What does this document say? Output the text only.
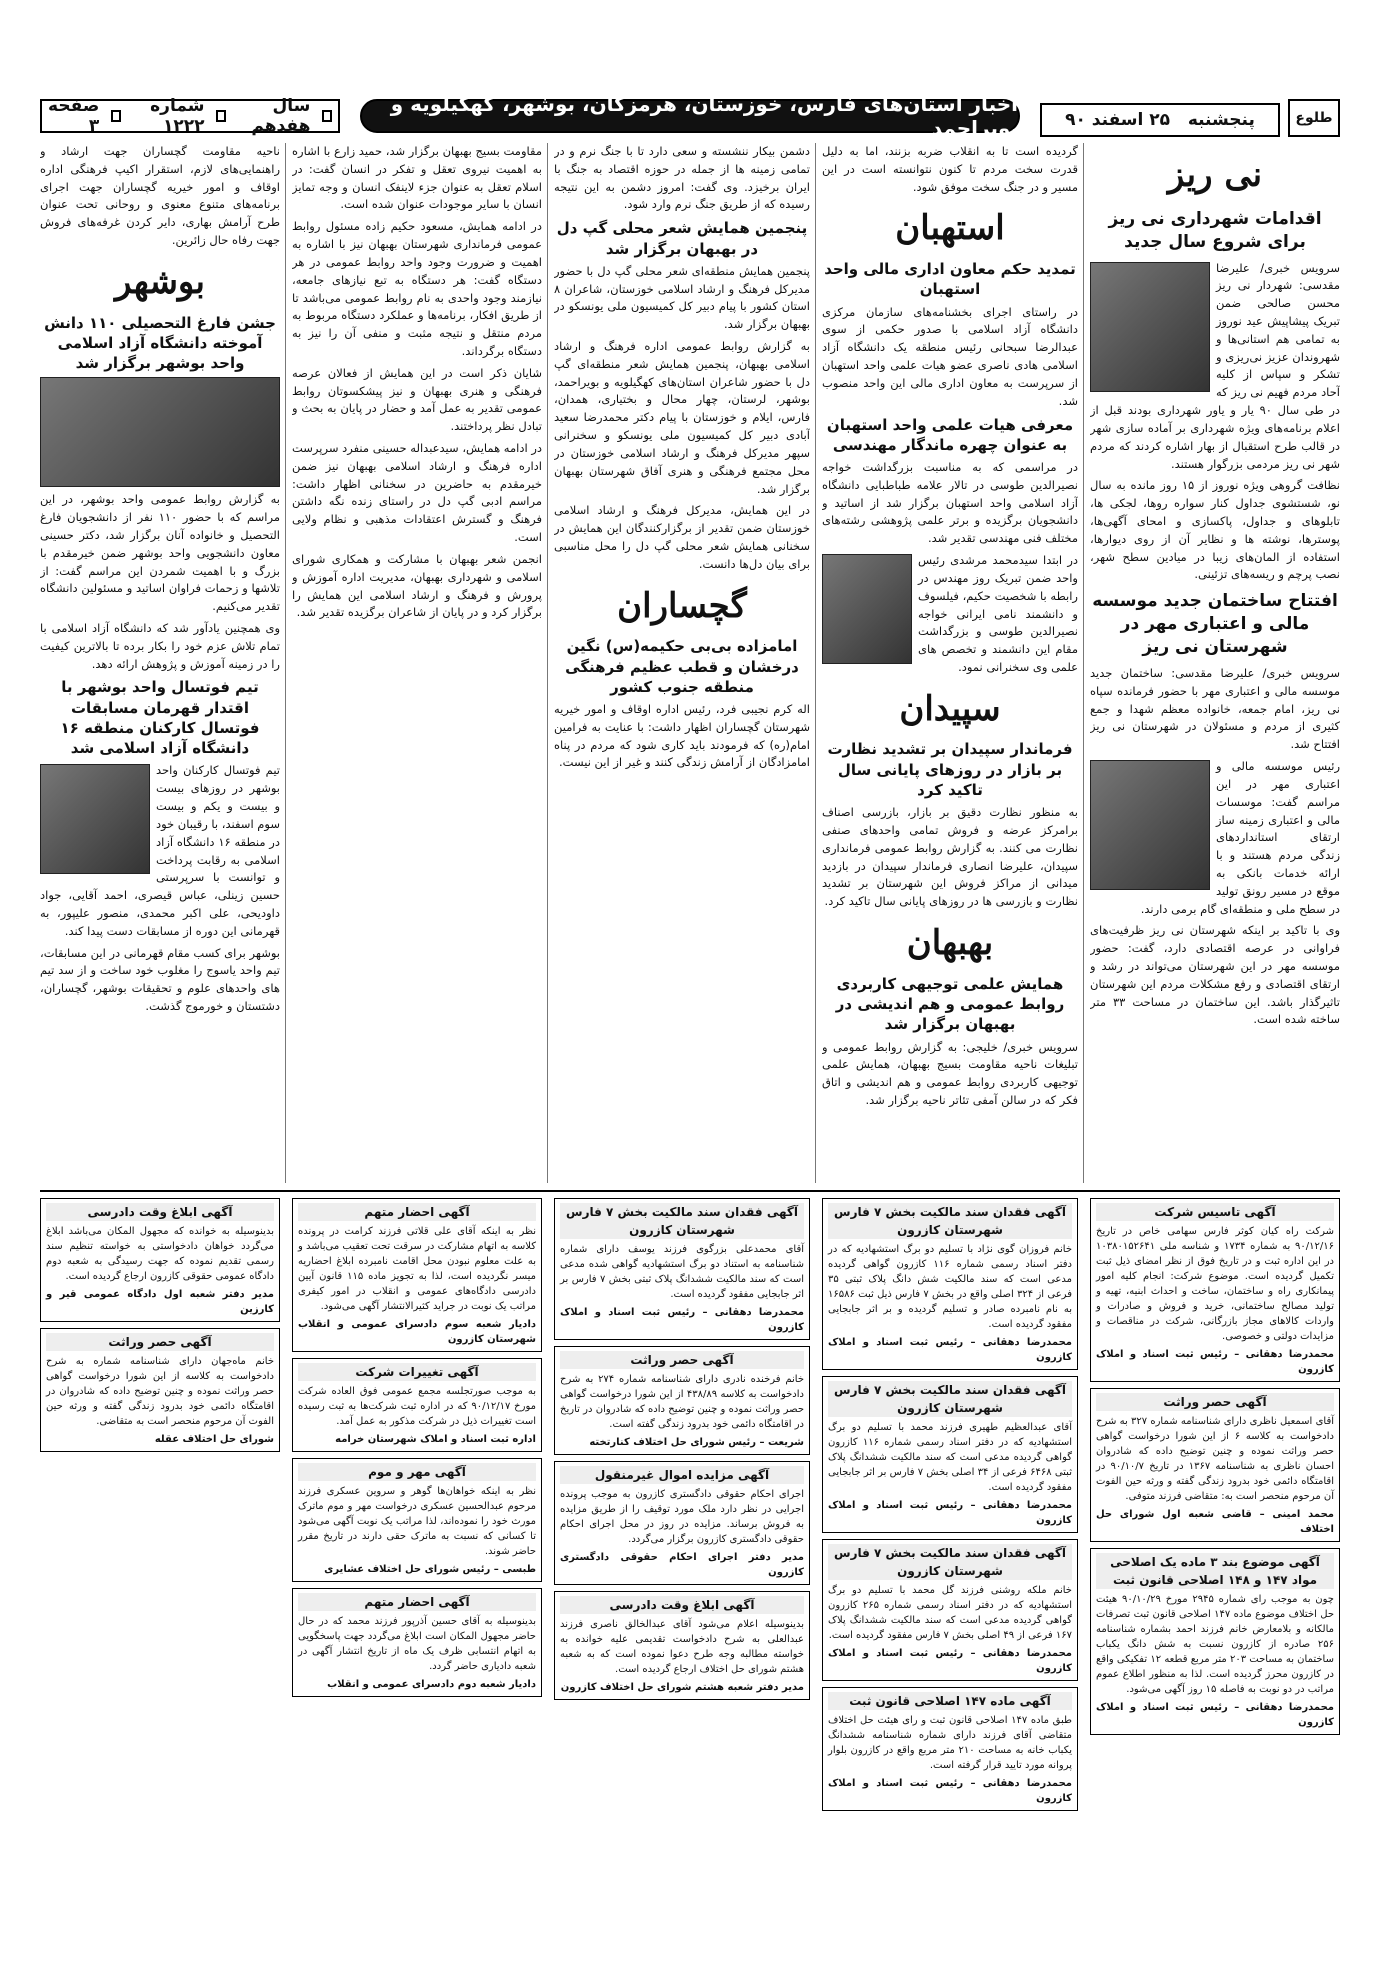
طلوع
پنجشنبه

۲۵ اسفند ۹۰
اخبار استان‌های فارس، خوزستان، هرمزگان، بوشهر، کهگیلویه و بویراحمد
سال هفدهم
شماره ۱۲۲۲
صفحه ۳
نی ریز
اقدامات شهرداری نی ریز برای شروع سال جدید

سرویس خبری/ علیرضا مقدسی: شهردار نی ریز محسن صالحی ضمن تبریک پیشاپیش عید نوروز به تمامی هم استانی‌ها و شهروندان عزیز نی‌ریزی و تشکر و سپاس از کلیه آحاد مردم فهیم نی ریز که در طی سال ۹۰ یار و یاور شهرداری بودند قبل از اعلام برنامه‌های ویژه شهرداری بر آماده سازی شهر در قالب طرح استقبال از بهار اشاره کردند که مردم شهر نی ریز مردمی بزرگوار هستند.

نظافت گروهی ویژه نوروز از ۱۵ روز مانده به سال نو، شستشوی جداول کنار سواره روها، لجکی ها، تابلوهای و جداول، پاکسازی و امحای آگهی‌ها، پوسترها، نوشته ها و نظایر آن از روی دیوارها، استفاده از المان‌های زیبا در میادین سطح شهر، نصب پرچم و ریسه‌های تزئینی.

افتتاح ساختمان جدید موسسه مالی و اعتباری مهر در شهرستان نی ریز

سرویس خبری/ علیرضا مقدسی: ساختمان جدید موسسه مالی و اعتباری مهر با حضور فرمانده سپاه نی ریز، امام جمعه، خانواده معظم شهدا و جمع کثیری از مردم و مسئولان در شهرستان نی ریز افتتاح شد.

رئیس موسسه مالی و اعتباری مهر در این مراسم گفت: موسسات مالی و اعتباری زمینه ساز ارتقای استانداردهای زندگی مردم هستند و با ارائه خدمات بانکی به موقع در مسیر رونق تولید در سطح ملی و منطقه‌ای گام برمی دارند.

وی با تاکید بر اینکه شهرستان نی ریز ظرفیت‌های فراوانی در عرصه اقتصادی دارد، گفت: حضور موسسه مهر در این شهرستان می‌تواند در رشد و ارتقای اقتصادی و رفع مشکلات مردم این شهرستان تاثیرگذار باشد. این ساختمان در مساحت ۳۳ متر ساخته شده است.

گردیده است تا به انقلاب ضربه بزنند، اما به دلیل قدرت سخت مردم تا کنون نتوانسته است در این مسیر و در جنگ سخت موفق شود.

استهبان
تمدید حکم معاون اداری مالی واحد استهبان

در راستای اجرای بخشنامه‌های سازمان مرکزی دانشگاه آزاد اسلامی با صدور حکمی از سوی عبدالرضا سبحانی رئیس منطقه یک دانشگاه آزاد اسلامی هادی ناصری عضو هیات علمی واحد استهبان از سرپرست به معاون اداری مالی این واحد منصوب شد.

معرفی هیات علمی واحد استهبان به عنوان چهره ماندگار مهندسی

در مراسمی که به مناسبت بزرگداشت خواجه نصیرالدین طوسی در تالار علامه طباطبایی دانشگاه آزاد اسلامی واحد استهبان برگزار شد از اساتید و دانشجویان برگزیده و برتر علمی پژوهشی رشته‌های مختلف فنی مهندسی تقدیر شد.

در ابتدا سیدمحمد مرشدی رئیس واحد ضمن تبریک روز مهندس در رابطه با شخصیت حکیم، فیلسوف و دانشمند نامی ایرانی خواجه نصیرالدین طوسی و بزرگداشت مقام این دانشمند و تخصص های علمی وی سخنرانی نمود.

سپیدان
فرماندار سپیدان بر تشدید نظارت بر بازار در روزهای پایانی سال تاکید کرد

به منظور نظارت دقیق بر بازار، بازرسی اصناف برامرکز عرضه و فروش تمامی واحدهای صنفی نظارت می کنند. به گزارش روابط عمومی فرمانداری سپیدان، علیرضا انصاری فرماندار سپیدان در بازدید میدانی از مراکز فروش این شهرستان بر تشدید نظارت و بازرسی ها در روزهای پایانی سال تاکید کرد.

بهبهان
همایش علمی توجیهی کاربردی روابط عمومی و هم اندیشی در بهبهان برگزار شد

سرویس خبری/ خلیجی: به گزارش روابط عمومی و تبلیغات ناحیه مقاومت بسیج بهبهان، همایش علمی توجیهی کاربردی روابط عمومی و هم اندیشی و اتاق فکر که در سالن آمفی تئاتر ناحیه برگزار شد.

دشمن بیکار ننشسته و سعی دارد تا با جنگ نرم و در تمامی زمینه ها از جمله در حوزه اقتصاد به جنگ با ایران برخیزد. وی گفت: امروز دشمن به این نتیجه رسیده که از طریق جنگ نرم وارد شود.

پنجمین همایش شعر محلی گپ دل در بهبهان برگزار شد

پنجمین همایش منطقه‌ای شعر محلی گپ دل با حضور مدیرکل فرهنگ و ارشاد اسلامی خوزستان، شاعران ۸ استان کشور با پیام دبیر کل کمیسیون ملی یونسکو در بهبهان برگزار شد.

به گزارش روابط عمومی اداره فرهنگ و ارشاد اسلامی بهبهان، پنجمین همایش شعر منطقه‌ای گپ دل با حضور شاعران استان‌های کهگیلویه و بویراحمد، بوشهر، لرستان، چهار محال و بختیاری، همدان، فارس، ایلام و خوزستان با پیام دکتر محمدرضا سعید آبادی دبیر کل کمیسیون ملی یونسکو و سخنرانی سپهر مدیرکل فرهنگ و ارشاد اسلامی خوزستان در محل مجتمع فرهنگی و هنری آفاق شهرستان بهبهان برگزار شد.

در این همایش، مدیرکل فرهنگ و ارشاد اسلامی خوزستان ضمن تقدیر از برگزارکنندگان این همایش در سخنانی همایش شعر محلی گپ دل را محل مناسبی برای بیان دل‌ها دانست.

گچساران
امامزاده بی‌بی حکیمه(س) نگین درخشان و قطب عظیم فرهنگی منطقه جنوب کشور

اله کرم نجیبی فرد، رئیس اداره اوقاف و امور خیریه شهرستان گچساران اظهار داشت: با عنایت به فرامین امام(ره) که فرمودند باید کاری شود که مردم در پناه امامزادگان از آرامش زندگی کنند و غیر از این نیست.

مقاومت بسیج بهبهان برگزار شد، حمید زارع با اشاره به اهمیت نیروی تعقل و تفکر در انسان گفت: در اسلام تعقل به عنوان جزء لاینفک انسان و وجه تمایز انسان با سایر موجودات عنوان شده است.

در ادامه همایش، مسعود حکیم زاده مسئول روابط عمومی فرمانداری شهرستان بهبهان نیز با اشاره به اهمیت و ضرورت وجود واحد روابط عمومی در هر دستگاه گفت: هر دستگاه به تبع نیازهای جامعه، نیازمند وجود واحدی به نام روابط عمومی می‌باشد تا از طریق افکار، برنامه‌ها و عملکرد دستگاه مربوط به مردم منتقل و نتیجه مثبت و منفی آن را نیز به دستگاه برگرداند.

شایان ذکر است در این همایش از فعالان عرصه فرهنگی و هنری بهبهان و نیز پیشکسوتان روابط عمومی تقدیر به عمل آمد و حضار در پایان به بحث و تبادل نظر پرداختند.

در ادامه همایش، سیدعبداله حسینی منفرد سرپرست اداره فرهنگ و ارشاد اسلامی بهبهان نیز ضمن خیرمقدم به حاضرین در سخنانی اظهار داشت: مراسم ادبی گپ دل در راستای زنده نگه داشتن فرهنگ و گسترش اعتقادات مذهبی و نظام ولایی است.

انجمن شعر بهبهان با مشارکت و همکاری شورای اسلامی و شهرداری بهبهان، مدیریت اداره آموزش و پرورش و فرهنگ و ارشاد اسلامی این همایش را برگزار کرد و در پایان از شاعران برگزیده تقدیر شد.

ناحیه مقاومت گچساران جهت ارشاد و راهنمایی‌های لازم، استقرار اکیپ فرهنگی اداره اوقاف و امور خیریه گچساران جهت اجرای برنامه‌های متنوع معنوی و روحانی تحت عنوان طرح آرامش بهاری، دایر کردن غرفه‌های فروش جهت رفاه حال زائرین.

بوشهر
جشن فارغ التحصیلی ۱۱۰ دانش آموخته دانشگاه آزاد اسلامی واحد بوشهر برگزار شد

به گزارش روابط عمومی واحد بوشهر، در این مراسم که با حضور ۱۱۰ نفر از دانشجویان فارغ التحصیل و خانواده آنان برگزار شد، دکتر حسینی معاون دانشجویی واحد بوشهر ضمن خیرمقدم با بزرگ و با اهمیت شمردن این مراسم گفت: از تلاشها و زحمات فراوان اساتید و مسئولین دانشگاه تقدیر می‌کنیم.

وی همچنین یادآور شد که دانشگاه آزاد اسلامی با تمام تلاش عزم خود را بکار برده تا بالاترین کیفیت را در زمینه آموزش و پژوهش ارائه دهد.

تیم فوتسال واحد بوشهر با اقتدار قهرمان مسابقات فوتسال کارکنان منطقه ۱۶ دانشگاه آزاد اسلامی شد

تیم فوتسال کارکنان واحد بوشهر در روزهای بیست و بیست و یکم و بیست سوم اسفند، با رقیبان خود در منطقه ۱۶ دانشگاه آزاد اسلامی به رقابت پرداخت و توانست با سرپرستی حسین زینلی، عباس قیصری، احمد آقایی، جواد داودیحی، علی اکبر محمدی، منصور علیپور، به قهرمانی این دوره از مسابقات دست پیدا کند.

بوشهر برای کسب مقام قهرمانی در این مسابقات، تیم واحد یاسوج را مغلوب خود ساخت و از سد تیم های واحدهای علوم و تحقیقات بوشهر، گچساران، دشتستان و خورموج گذشت.

آگهی تاسیس شرکت
شرکت راه کیان کوثر فارس سهامی خاص در تاریخ ۹۰/۱۲/۱۶ به شماره ۱۷۳۴ و شناسه ملی ۱۰۳۸۰۱۵۲۶۴۱ در این اداره ثبت و در تاریخ فوق از نظر امضای ذیل ثبت تکمیل گردیده است. موضوع شرکت: انجام کلیه امور پیمانکاری راه و ساختمان، ساخت و احداث ابنیه، تهیه و تولید مصالح ساختمانی، خرید و فروش و صادرات و واردات کالاهای مجاز بازرگانی، شرکت در مناقصات و مزایدات دولتی و خصوصی.
محمدرضا دهقانی – رئیس ثبت اسناد و املاک کازرون
آگهی حصر وراثت
آقای اسمعیل ناظری دارای شناسنامه شماره ۳۲۷ به شرح دادخواست به کلاسه ۶ از این شورا درخواست گواهی حصر وراثت نموده و چنین توضیح داده که شادروان احسان ناظری به شناسنامه ۱۳۶۷ در تاریخ ۹۰/۱۰/۷ در اقامتگاه دائمی خود بدرود زندگی گفته و ورثه حین الفوت آن مرحوم منحصر است به: متقاضی فرزند متوفی.
محمد امینی – قاضی شعبه اول شورای حل اختلاف
آگهی موضوع بند ۳ ماده یک اصلاحی مواد ۱۴۷ و ۱۴۸ اصلاحی قانون ثبت
چون به موجب رای شماره ۲۹۴۵ مورخ ۹۰/۱۰/۲۹ هیئت حل اختلاف موضوع ماده ۱۴۷ اصلاحی قانون ثبت تصرفات مالکانه و بلامعارض خانم فرزند احمد بشماره شناسنامه ۲۵۶ صادره از کازرون نسبت به شش دانگ یکباب ساختمان به مساحت ۲۰۳ متر مربع قطعه ۱۲ تفکیکی واقع در کازرون محرز گردیده است. لذا به منظور اطلاع عموم مراتب در دو نوبت به فاصله ۱۵ روز آگهی می‌شود.
محمدرضا دهقانی – رئیس ثبت اسناد و املاک کازرون
آگهی فقدان سند مالکیت بخش ۷ فارس شهرستان کازرون
خانم فروزان گوی نژاد با تسلیم دو برگ استشهادیه که در دفتر اسناد رسمی شماره ۱۱۶ کازرون گواهی گردیده مدعی است که سند مالکیت شش دانگ پلاک ثبتی ۳۵ فرعی از ۳۲۴ اصلی واقع در بخش ۷ فارس ذیل ثبت ۱۶۵۸۶ به نام نامبرده صادر و تسلیم گردیده و بر اثر جابجایی مفقود گردیده است.
محمدرضا دهقانی – رئیس ثبت اسناد و املاک کازرون
آگهی فقدان سند مالکیت بخش ۷ فارس شهرستان کازرون
آقای عبدالعظیم طهیری فرزند محمد با تسلیم دو برگ استشهادیه که در دفتر اسناد رسمی شماره ۱۱۶ کازرون گواهی گردیده مدعی است که سند مالکیت ششدانگ پلاک ثبتی ۶۴۶۸ فرعی از ۳۴ اصلی بخش ۷ فارس بر اثر جابجایی مفقود گردیده است.
محمدرضا دهقانی – رئیس ثبت اسناد و املاک کازرون
آگهی فقدان سند مالکیت بخش ۷ فارس شهرستان کازرون
خانم ملکه روشنی فرزند گل محمد با تسلیم دو برگ استشهادیه که در دفتر اسناد رسمی شماره ۲۶۵ کازرون گواهی گردیده مدعی است که سند مالکیت ششدانگ پلاک ۱۶۷ فرعی از ۴۹ اصلی بخش ۷ فارس مفقود گردیده است.
محمدرضا دهقانی – رئیس ثبت اسناد و املاک کازرون
آگهی ماده ۱۴۷ اصلاحی قانون ثبت
طبق ماده ۱۴۷ اصلاحی قانون ثبت و رای هیئت حل اختلاف متقاضی آقای فرزند دارای شماره شناسنامه ششدانگ یکباب خانه به مساحت ۲۱۰ متر مربع واقع در کازرون بلوار پروانه مورد تایید قرار گرفته است.
محمدرضا دهقانی – رئیس ثبت اسناد و املاک کازرون
آگهی فقدان سند مالکیت بخش ۷ فارس شهرستان کازرون
آقای محمدعلی بزرگوی فرزند یوسف دارای شماره شناسنامه به استناد دو برگ استشهادیه گواهی شده مدعی است که سند مالکیت ششدانگ پلاک ثبتی بخش ۷ فارس بر اثر جابجایی مفقود گردیده است.
محمدرضا دهقانی – رئیس ثبت اسناد و املاک کازرون
آگهی حصر وراثت
خانم فرخنده نادری دارای شناسنامه شماره ۲۷۴ به شرح دادخواست به کلاسه ۴۳۸/۸۹ از این شورا درخواست گواهی حصر وراثت نموده و چنین توضیح داده که شادروان در تاریخ در اقامتگاه دائمی خود بدرود زندگی گفته است.
شریعت – رئیس شورای حل اختلاف کنارتخته
آگهی مزایده اموال غیرمنقول
اجرای احکام حقوقی دادگستری کازرون به موجب پرونده اجرایی در نظر دارد ملک مورد توقیف را از طریق مزایده به فروش برساند. مزایده در روز در محل اجرای احکام حقوقی دادگستری کازرون برگزار می‌گردد.
مدیر دفتر اجرای احکام حقوقی دادگستری کازرون
آگهی ابلاغ وقت دادرسی
بدینوسیله اعلام می‌شود آقای عبدالخالق ناصری فرزند عبدالعلی به شرح دادخواست تقدیمی علیه خوانده به خواسته مطالبه وجه طرح دعوا نموده است که به شعبه هشتم شورای حل اختلاف ارجاع گردیده است.
مدیر دفتر شعبه هشتم شورای حل اختلاف کازرون
آگهی احضار متهم
نظر به اینکه آقای علی قلاتی فرزند کرامت در پرونده کلاسه به اتهام مشارکت در سرقت تحت تعقیب می‌باشد و به علت معلوم نبودن محل اقامت نامبرده ابلاغ احضاریه میسر نگردیده است، لذا به تجویز ماده ۱۱۵ قانون آیین دادرسی دادگاه‌های عمومی و انقلاب در امور کیفری مراتب یک نوبت در جراید کثیرالانتشار آگهی می‌شود.
دادیار شعبه سوم دادسرای عمومی و انقلاب شهرستان کازرون
آگهی تغییرات شرکت
به موجب صورتجلسه مجمع عمومی فوق العاده شرکت مورخ ۹۰/۱۲/۱۷ که در اداره ثبت شرکت‌ها به ثبت رسیده است تغییرات ذیل در شرکت مذکور به عمل آمد.
اداره ثبت اسناد و املاک شهرستان خرامه
آگهی مهر و موم
نظر به اینکه خواهان‌ها گوهر و سروین عسکری فرزند مرحوم عبدالحسین عسکری درخواست مهر و موم ماترک مورث خود را نموده‌اند، لذا مراتب یک نوبت آگهی می‌شود تا کسانی که نسبت به ماترک حقی دارند در تاریخ مقرر حاضر شوند.
طبسی – رئیس شورای حل اختلاف عشایری
آگهی احضار متهم
بدینوسیله به آقای حسین آذرپور فرزند محمد که در حال حاضر مجهول المکان است ابلاغ می‌گردد جهت پاسخگویی به اتهام انتسابی ظرف یک ماه از تاریخ انتشار آگهی در شعبه دادیاری حاضر گردد.
دادیار شعبه دوم دادسرای عمومی و انقلاب
آگهی ابلاغ وقت دادرسی
بدینوسیله به خوانده که مجهول المکان می‌باشد ابلاغ می‌گردد خواهان دادخواستی به خواسته تنظیم سند رسمی تقدیم نموده که جهت رسیدگی به شعبه دوم دادگاه عمومی حقوقی کازرون ارجاع گردیده است.
مدیر دفتر شعبه اول دادگاه عمومی قیر و کارزین
آگهی حصر وراثت
خانم ماه‌جهان دارای شناسنامه شماره به شرح دادخواست به کلاسه از این شورا درخواست گواهی حصر وراثت نموده و چنین توضیح داده که شادروان در اقامتگاه دائمی خود بدرود زندگی گفته و ورثه حین الفوت آن مرحوم منحصر است به متقاضی.
شورای حل اختلاف عقله
